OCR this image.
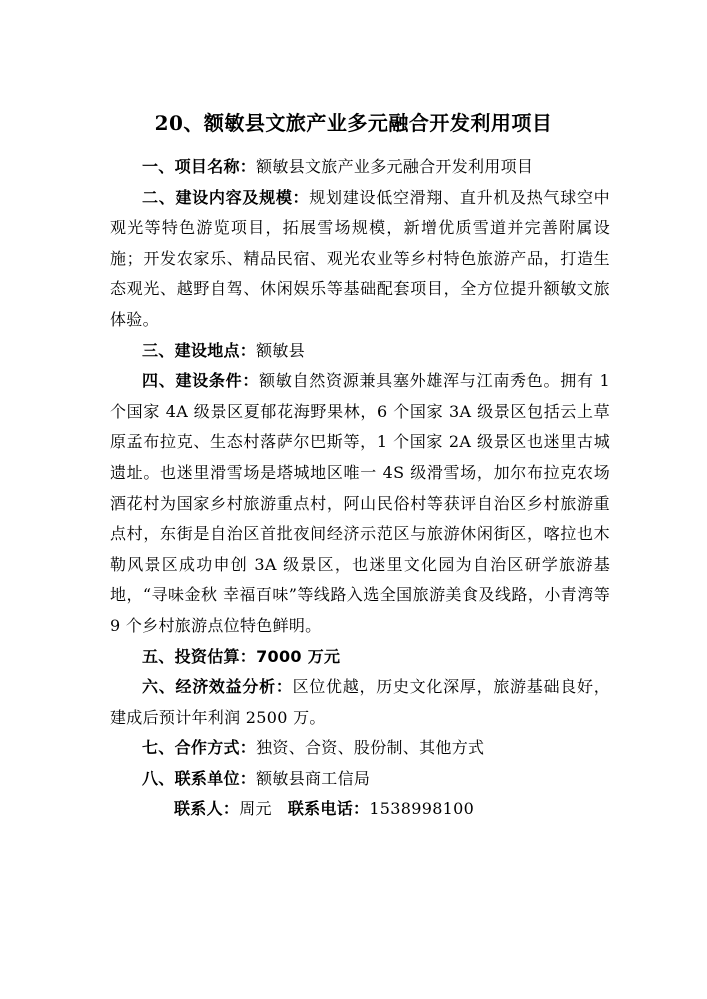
20、额敏县文旅产业多元融合开发利用项目

一、项目名称：额敏县文旅产业多元融合开发利用项目

二、建设内容及规模：规划建设低空滑翔、直升机及热气球空中观光等特色游览项目，拓展雪场规模，新增优质雪道并完善附属设施；开发农家乐、精品民宿、观光农业等乡村特色旅游产品，打造生态观光、越野自驾、休闲娱乐等基础配套项目，全方位提升额敏文旅体验。

三、建设地点：额敏县

四、建设条件：额敏自然资源兼具塞外雄浑与江南秀色。拥有 1 个国家 4A 级景区夏郁花海野果林，6 个国家 3A 级景区包括云上草原孟布拉克、生态村落萨尔巴斯等，1 个国家 2A 级景区也迷里古城遗址。也迷里滑雪场是塔城地区唯一 4S 级滑雪场，加尔布拉克农场酒花村为国家乡村旅游重点村，阿山民俗村等获评自治区乡村旅游重点村，东街是自治区首批夜间经济示范区与旅游休闲街区，喀拉也木勒风景区成功申创 3A 级景区，也迷里文化园为自治区研学旅游基地，“寻味金秋 幸福百味”等线路入选全国旅游美食及线路，小青湾等 9 个乡村旅游点位特色鲜明。

五、投资估算：7000 万元

六、经济效益分析：区位优越，历史文化深厚，旅游基础良好，建成后预计年利润 2500 万。

七、合作方式：独资、合资、股份制、其他方式

八、联系单位：额敏县商工信局

联系人：周元 联系电话：1538998100
